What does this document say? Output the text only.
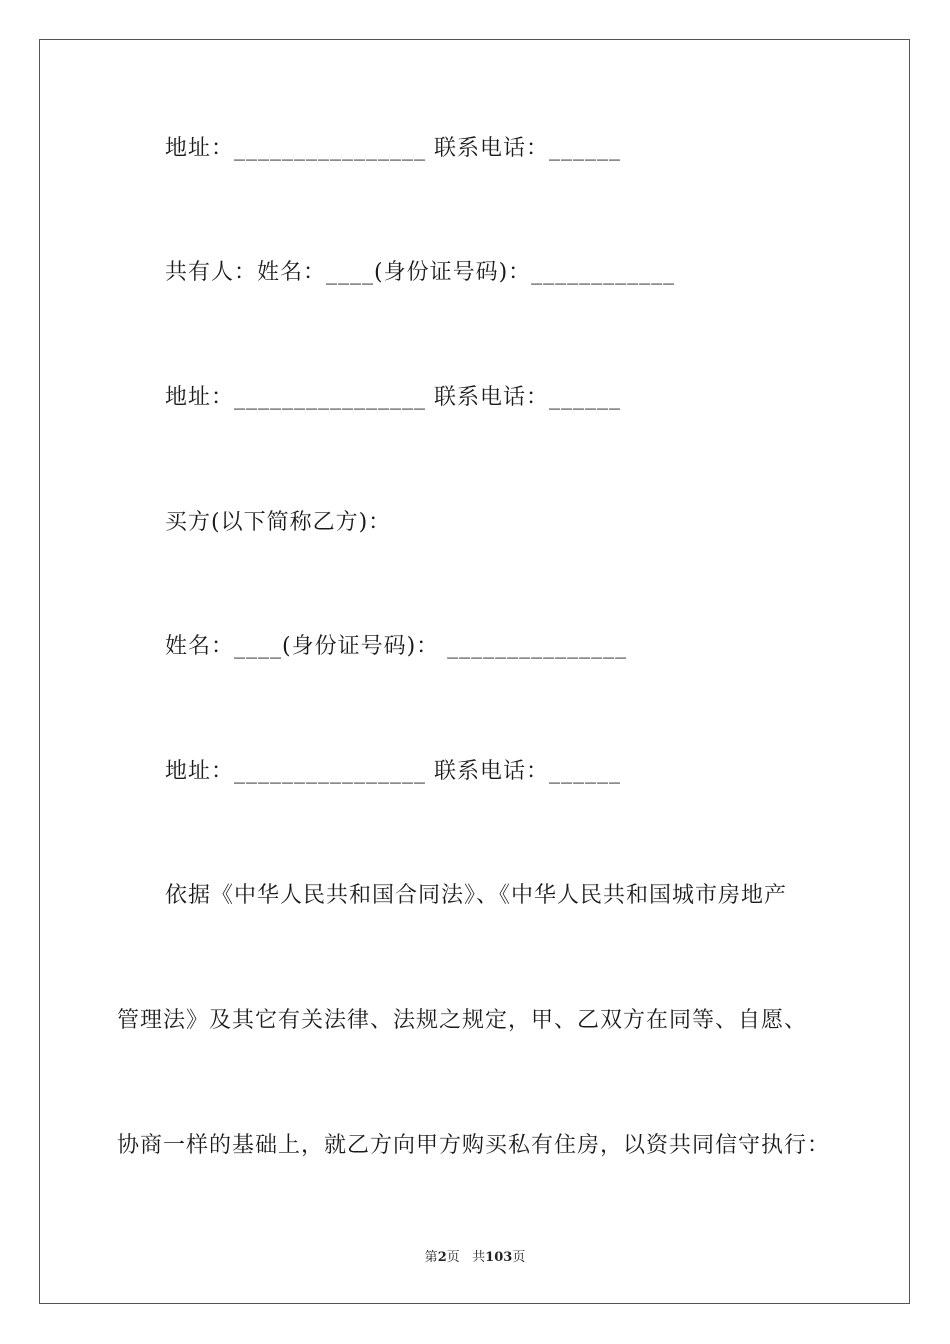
地址：________________ 联系电话：______
共有人：姓名：____(身份证号码)：____________
地址：________________ 联系电话：______
买方(以下简称乙方)：
姓名：____(身份证号码)： _______________
地址：________________ 联系电话：______
依据《中华人民共和国合同法》、《中华人民共和国城市房地产
管理法》及其它有关法律、法规之规定，甲、乙双方在同等、自愿、
协商一样的基础上，就乙方向甲方购买私有住房，以资共同信守执行：
第2页 共103页
